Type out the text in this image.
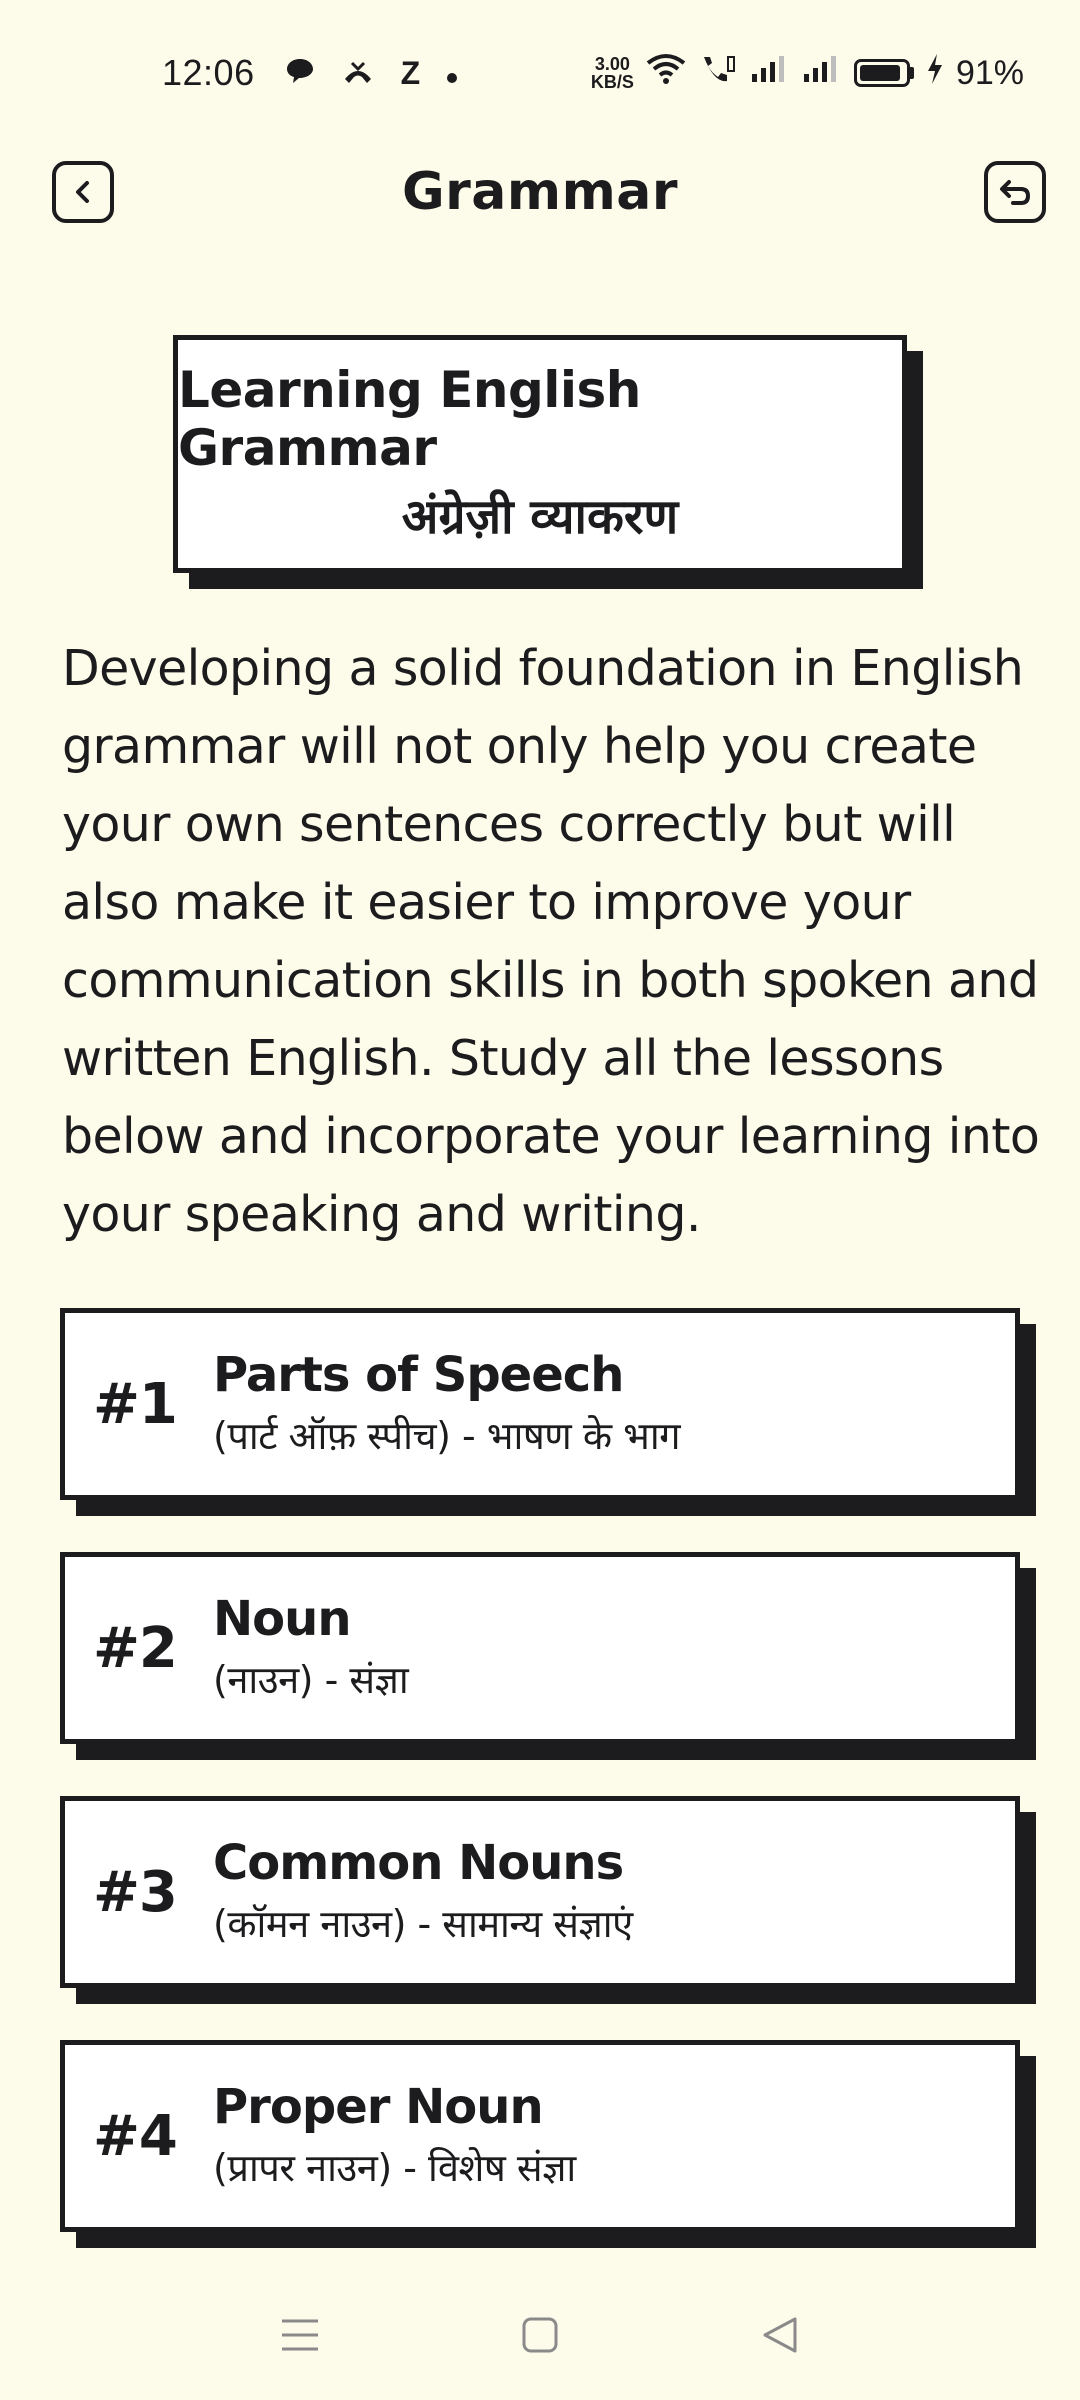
12:06	Z	3.00
KB/S	91%
Grammar
Learning English Grammar
अंग्रेज़ी व्याकरण

Developing a solid foundation in English grammar will not only help you create your own sentences correctly but will also make it easier to improve your communication skills in both spoken and written English. Study all the lessons below and incorporate your learning into your speaking and writing.

#1 Parts of Speech
(पार्ट ऑफ़ स्पीच) - भाषण के भाग
#2 Noun
(नाउन) - संज्ञा
#3 Common Nouns
(कॉमन नाउन) - सामान्य संज्ञाएं
#4 Proper Noun
(प्रापर नाउन) - विशेष संज्ञा
